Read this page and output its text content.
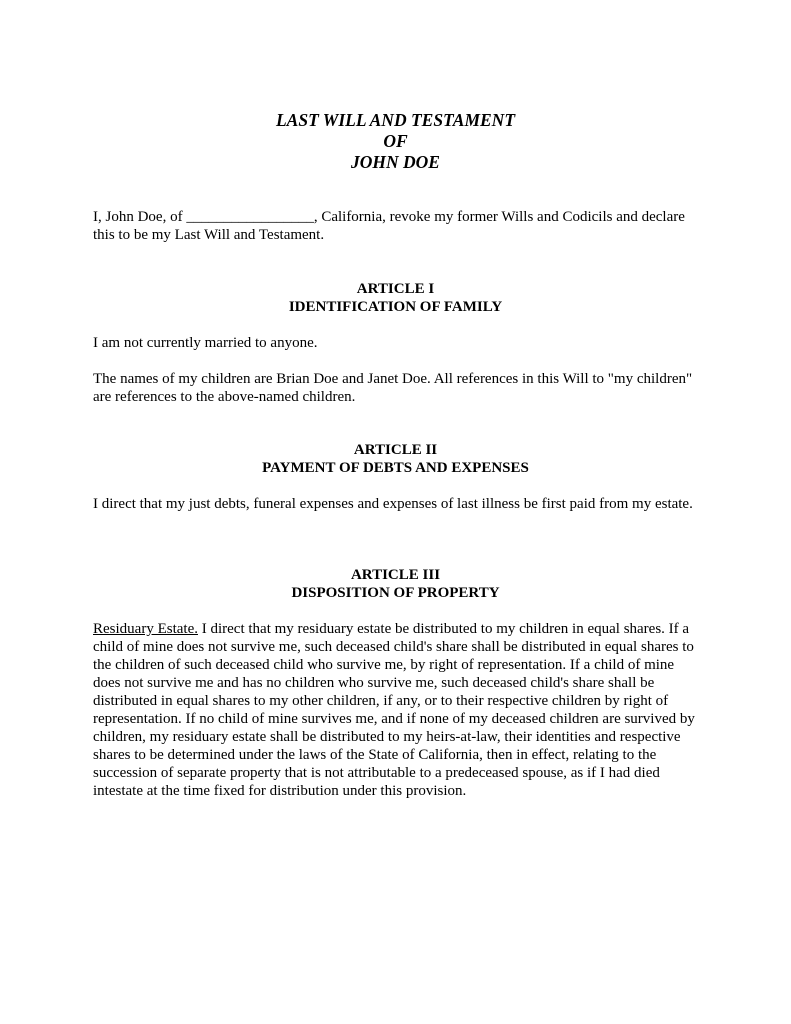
LAST WILL AND TESTAMENT
OF
JOHN DOE

I, John Doe, of _________________, California, revoke my former Wills and Codicils and declare this to be my Last Will and Testament.

ARTICLE I
IDENTIFICATION OF FAMILY

I am not currently married to anyone.

The names of my children are Brian Doe and Janet Doe. All references in this Will to "my children" are references to the above-named children.

ARTICLE II
PAYMENT OF DEBTS AND EXPENSES

I direct that my just debts, funeral expenses and expenses of last illness be first paid from my estate.

ARTICLE III
DISPOSITION OF PROPERTY

Residuary Estate. I direct that my residuary estate be distributed to my children in equal shares. If a child of mine does not survive me, such deceased child's share shall be distributed in equal shares to the children of such deceased child who survive me, by right of representation. If a child of mine does not survive me and has no children who survive me, such deceased child's share shall be distributed in equal shares to my other children, if any, or to their respective children by right of representation. If no child of mine survives me, and if none of my deceased children are survived by children, my residuary estate shall be distributed to my heirs-at-law, their identities and respective shares to be determined under the laws of the State of California, then in effect, relating to the succession of separate property that is not attributable to a predeceased spouse, as if I had died intestate at the time fixed for distribution under this provision.
